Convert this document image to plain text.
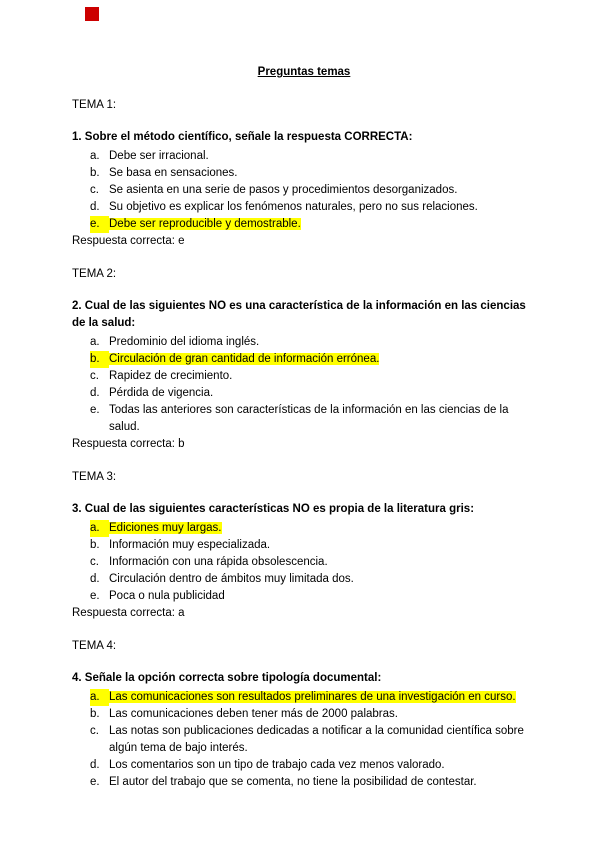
Preguntas temas
TEMA 1:
1. Sobre el método científico, señale la respuesta CORRECTA:
a. Debe ser irracional.
b. Se basa en sensaciones.
c. Se asienta en una serie de pasos y procedimientos desorganizados.
d. Su objetivo es explicar los fenómenos naturales, pero no sus relaciones.
e. Debe ser reproducible y demostrable.
Respuesta correcta: e
TEMA 2:
2. Cual de las siguientes NO es una característica de la información en las ciencias de la salud:
a. Predominio del idioma inglés.
b. Circulación de gran cantidad de información errónea.
c. Rapidez de crecimiento.
d. Pérdida de vigencia.
e. Todas las anteriores son características de la información en las ciencias de la salud.
Respuesta correcta: b
TEMA 3:
3. Cual de las siguientes características NO es propia de la literatura gris:
a. Ediciones muy largas.
b. Información muy especializada.
c. Información con una rápida obsolescencia.
d. Circulación dentro de ámbitos muy limitada dos.
e. Poca o nula publicidad
Respuesta correcta: a
TEMA 4:
4. Señale la opción correcta sobre tipología documental:
a. Las comunicaciones son resultados preliminares de una investigación en curso.
b. Las comunicaciones deben tener más de 2000 palabras.
c. Las notas son publicaciones dedicadas a notificar a la comunidad científica sobre algún tema de bajo interés.
d. Los comentarios son un tipo de trabajo cada vez menos valorado.
e. El autor del trabajo que se comenta, no tiene la posibilidad de contestar.
